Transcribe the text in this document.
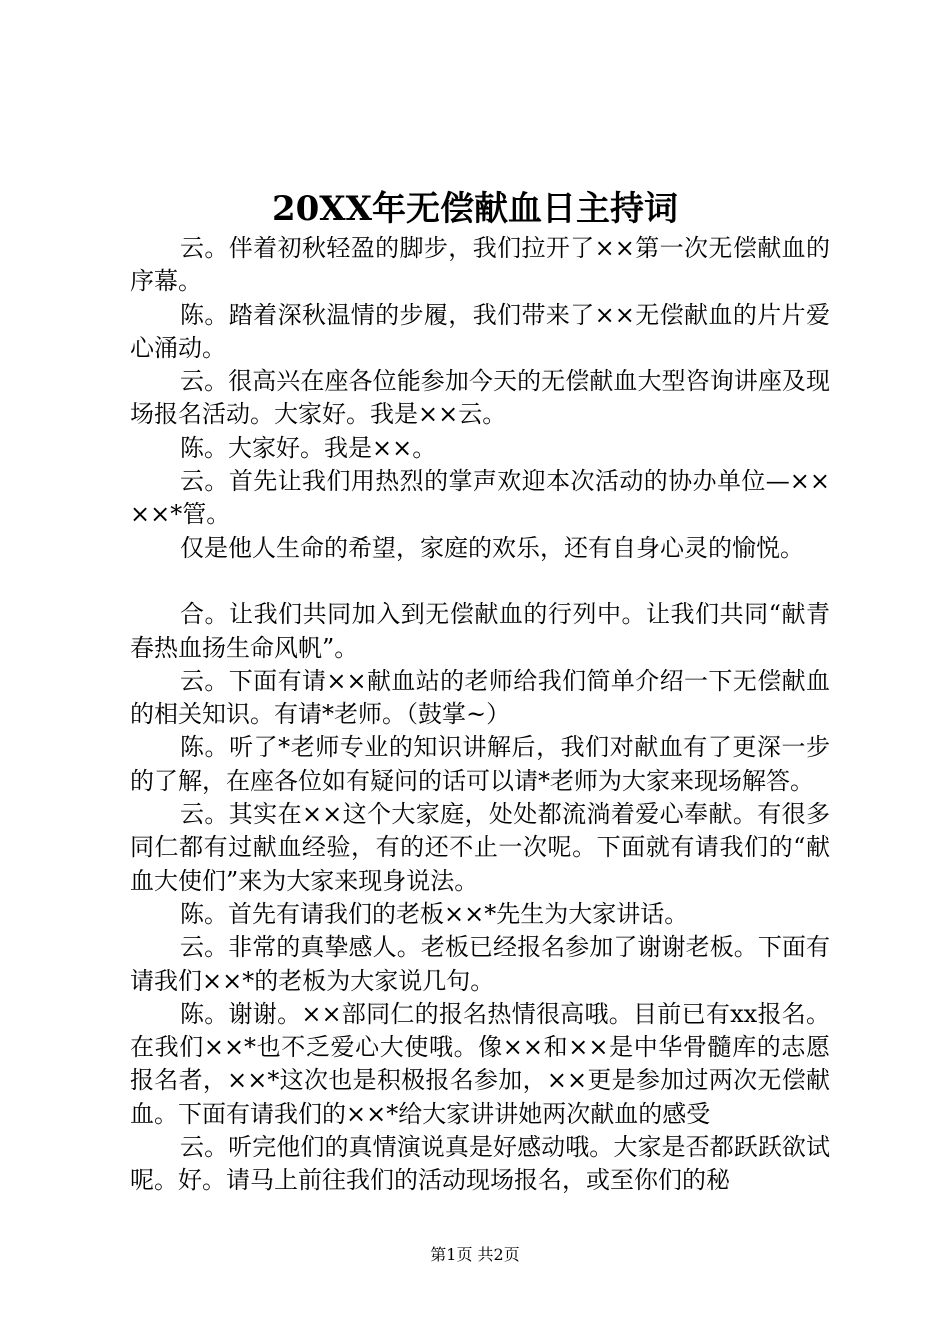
20XX年无偿献血日主持词

云。伴着初秋轻盈的脚步，我们拉开了××第一次无偿献血的序幕。

陈。踏着深秋温情的步履，我们带来了××无偿献血的片片爱心涌动。

云。很高兴在座各位能参加今天的无偿献血大型咨询讲座及现场报名活动。大家好。我是××云。

陈。大家好。我是××。

云。首先让我们用热烈的掌声欢迎本次活动的协办单位—××××*管。

仅是他人生命的希望，家庭的欢乐，还有自身心灵的愉悦。

合。让我们共同加入到无偿献血的行列中。让我们共同“献青春热血扬生命风帆”。

云。下面有请××献血站的老师给我们简单介绍一下无偿献血的相关知识。有请*老师。（鼓掌~）

陈。听了*老师专业的知识讲解后，我们对献血有了更深一步的了解，在座各位如有疑问的话可以请*老师为大家来现场解答。

云。其实在××这个大家庭，处处都流淌着爱心奉献。有很多同仁都有过献血经验，有的还不止一次呢。下面就有请我们的“献血大使们”来为大家来现身说法。

陈。首先有请我们的老板××*先生为大家讲话。

云。非常的真挚感人。老板已经报名参加了谢谢老板。下面有请我们××*的老板为大家说几句。

陈。谢谢。××部同仁的报名热情很高哦。目前已有xx报名。在我们××*也不乏爱心大使哦。像××和××是中华骨髓库的志愿报名者，××*这次也是积极报名参加，××更是参加过两次无偿献血。下面有请我们的××*给大家讲讲她两次献血的感受

云。听完他们的真情演说真是好感动哦。大家是否都跃跃欲试呢。好。请马上前往我们的活动现场报名，或至你们的秘

第1页 共2页
